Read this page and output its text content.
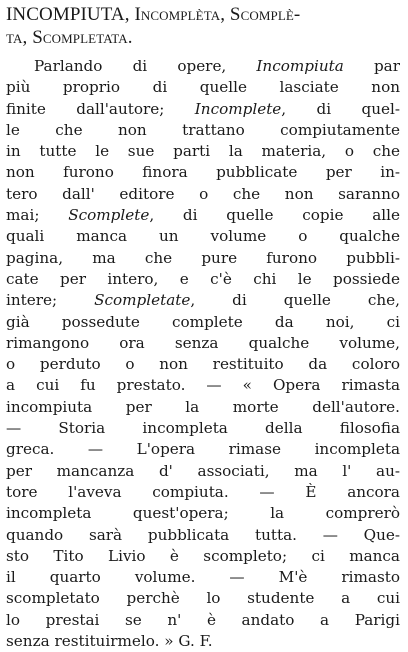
INCOMPIUTA, Incomplèta, Scomplè-
ta, Scompletata.
Parlando di opere, Incompiuta par
più proprio di quelle lasciate non
finite dall'autore; Incomplete, di quel-
le che non trattano compiutamente
in tutte le sue parti la materia, o che
non furono finora pubblicate per in-
tero dall' editore o che non saranno
mai; Scomplete, di quelle copie alle
quali manca un volume o qualche
pagina, ma che pure furono pubbli-
cate per intero, e c'è chi le possiede
intere; Scompletate, di quelle che,
già possedute complete da noi, ci
rimangono ora senza qualche volume,
o perduto o non restituito da coloro
a cui fu prestato. — « Opera rimasta
incompiuta per la morte dell'autore.
— Storia incompleta della filosofia
greca. — L'opera rimase incompleta
per mancanza d' associati, ma l' au-
tore l'aveva compiuta. — È ancora
incompleta quest'opera; la comprerò
quando sarà pubblicata tutta. — Que-
sto Tito Livio è scompleto; ci manca
il quarto volume. — M'è rimasto
scompletato perchè lo studente a cui
lo prestai se n' è andato a Parigi
senza restituirmelo. » G. F.
